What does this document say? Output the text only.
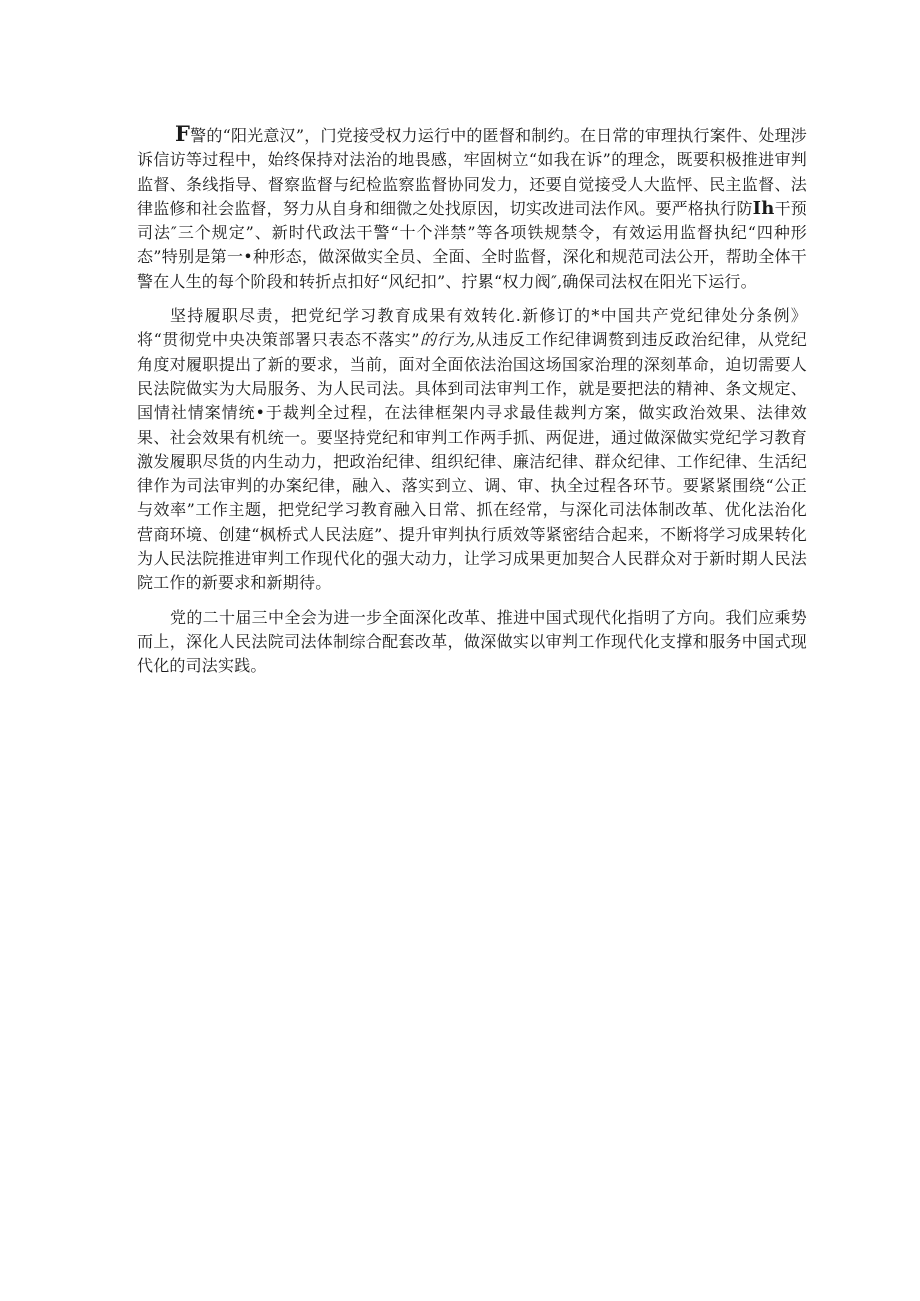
F警的“阳光意汉”，门党接受权力运行中的匿督和制约。在日常的审理执行案件、处理涉诉信访等过程中，始终保持对法治的地畏感，牢固树立“如我在诉”的理念，既要积极推进审判监督、条线指导、督察监督与纪检监察监督协同发力，还要自觉接受人大监怦、民主监督、法律监修和社会监督，努力从自身和细微之处找原因，切实改进司法作风。要严格执行防Ih干预司法″三个规定”、新时代政法干警“十个泮禁”等各项铁规禁令，有效运用监督执纪“四种形态”特别是第一•种形态，做深做实全员、全面、全时监督，深化和规范司法公开，帮助全体干警在人生的每个阶段和转折点扣好“风纪扣”、拧累“权力阀″,确保司法权在阳光下运行。

坚持履职尽责，把党纪学习教育成果有效转化.新修订的*中国共产党纪律处分条例》将“贯彻党中央决策部署只表态不落实”的行为,从违反工作纪律调赘到违反政治纪律，从党纪角度对履职提出了新的要求，当前，面对全面依法治国这场国家治理的深刻革命，迫切需要人民法院做实为大局服务、为人民司法。具体到司法审判工作，就是要把法的精神、条文规定、国情社情案情统•于裁判全过程，在法律框架内寻求最佳裁判方案，做实政治效果、法律效果、社会效果有机统一。要坚持党纪和审判工作两手抓、两促进，通过做深做实党纪学习教育激发履职尽货的内生动力，把政治纪律、组织纪律、廉洁纪律、群众纪律、工作纪律、生活纪律作为司法审判的办案纪律，融入、落实到立、调、审、执全过程各环节。要紧紧围绕“公正与效率”工作主题，把党纪学习教育融入日常、抓在经常，与深化司法体制改革、优化法治化营商环境、创建“枫桥式人民法庭”、提升审判执行质效等紧密结合起来，不断将学习成果转化为人民法院推进审判工作现代化的强大动力，让学习成果更加契合人民群众对于新时期人民法院工作的新要求和新期待。

党的二十届三中全会为进一步全面深化改革、推进中国式现代化指明了方向。我们应乘势而上，深化人民法院司法体制综合配套改革，做深做实以审判工作现代化支撑和服务中国式现代化的司法实践。
